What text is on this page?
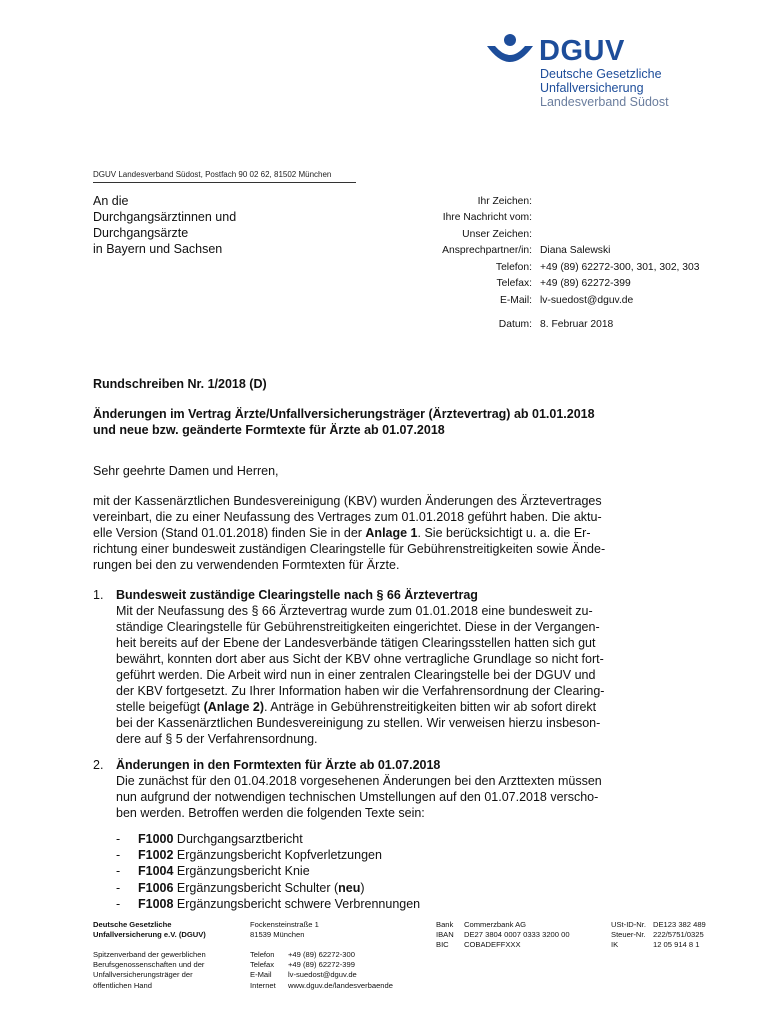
DGUV
Deutsche Gesetzliche
Unfallversicherung
Landesverband Südost
DGUV Landesverband Südost, Postfach 90 02 62, 81502 München
An die
Durchgangsärztinnen und
Durchgangsärzte
in Bayern und Sachsen
Ihr Zeichen:
Ihre Nachricht vom:
Unser Zeichen:
Ansprechpartner/in: Diana Salewski
Telefon: +49 (89) 62272-300, 301, 302, 303
Telefax: +49 (89) 62272-399
E-Mail: lv-suedost@dguv.de
Datum: 8. Februar 2018
Rundschreiben Nr. 1/2018 (D)
Änderungen im Vertrag Ärzte/Unfallversicherungsträger (Ärztevertrag) ab 01.01.2018
und neue bzw. geänderte Formtexte für Ärzte ab 01.07.2018
Sehr geehrte Damen und Herren,
mit der Kassenärztlichen Bundesvereinigung (KBV) wurden Änderungen des Ärztevertrages
vereinbart, die zu einer Neufassung des Vertrages zum 01.01.2018 geführt haben. Die aktu-
elle Version (Stand 01.01.2018) finden Sie in der Anlage 1. Sie berücksichtigt u. a. die Er-
richtung einer bundesweit zuständigen Clearingstelle für Gebührenstreitigkeiten sowie Ände-
rungen bei den zu verwendenden Formtexten für Ärzte.
1. Bundesweit zuständige Clearingstelle nach § 66 Ärztevertrag
Mit der Neufassung des § 66 Ärztevertrag wurde zum 01.01.2018 eine bundesweit zu-
ständige Clearingstelle für Gebührenstreitigkeiten eingerichtet. Diese in der Vergangen-
heit bereits auf der Ebene der Landesverbände tätigen Clearingsstellen hatten sich gut
bewährt, konnten dort aber aus Sicht der KBV ohne vertragliche Grundlage so nicht fort-
geführt werden. Die Arbeit wird nun in einer zentralen Clearingstelle bei der DGUV und
der KBV fortgesetzt. Zu Ihrer Information haben wir die Verfahrensordnung der Clearing-
stelle beigefügt (Anlage 2). Anträge in Gebührenstreitigkeiten bitten wir ab sofort direkt
bei der Kassenärztlichen Bundesvereinigung zu stellen. Wir verweisen hierzu insbeson-
dere auf § 5 der Verfahrensordnung.
2. Änderungen in den Formtexten für Ärzte ab 01.07.2018
Die zunächst für den 01.04.2018 vorgesehenen Änderungen bei den Arzttexten müssen
nun aufgrund der notwendigen technischen Umstellungen auf den 01.07.2018 verscho-
ben werden. Betroffen werden die folgenden Texte sein:
-	F1000 Durchgangsarztbericht
-	F1002 Ergänzungsbericht Kopfverletzungen
-	F1004 Ergänzungsbericht Knie
-	F1006 Ergänzungsbericht Schulter (neu)
-	F1008 Ergänzungsbericht schwere Verbrennungen
Deutsche Gesetzliche
Unfallversicherung e.V. (DGUV)
Spitzenverband der gewerblichen
Berufsgenossenschaften und der
Unfallversicherungsträger der
öffentlichen Hand
Fockensteinstraße 1
81539 München
Telefon	+49 (89) 62272-300
Telefax	+49 (89) 62272-399
E-Mail	lv-suedost@dguv.de
Internet	www.dguv.de/landesverbaende
Bank	Commerzbank AG
IBAN	DE27 3804 0007 0333 3200 00
BIC	COBADEFFXXX
USt-ID-Nr. DE123 382 489
Steuer-Nr. 222/5751/0325
IK	12 05 914 8 1
